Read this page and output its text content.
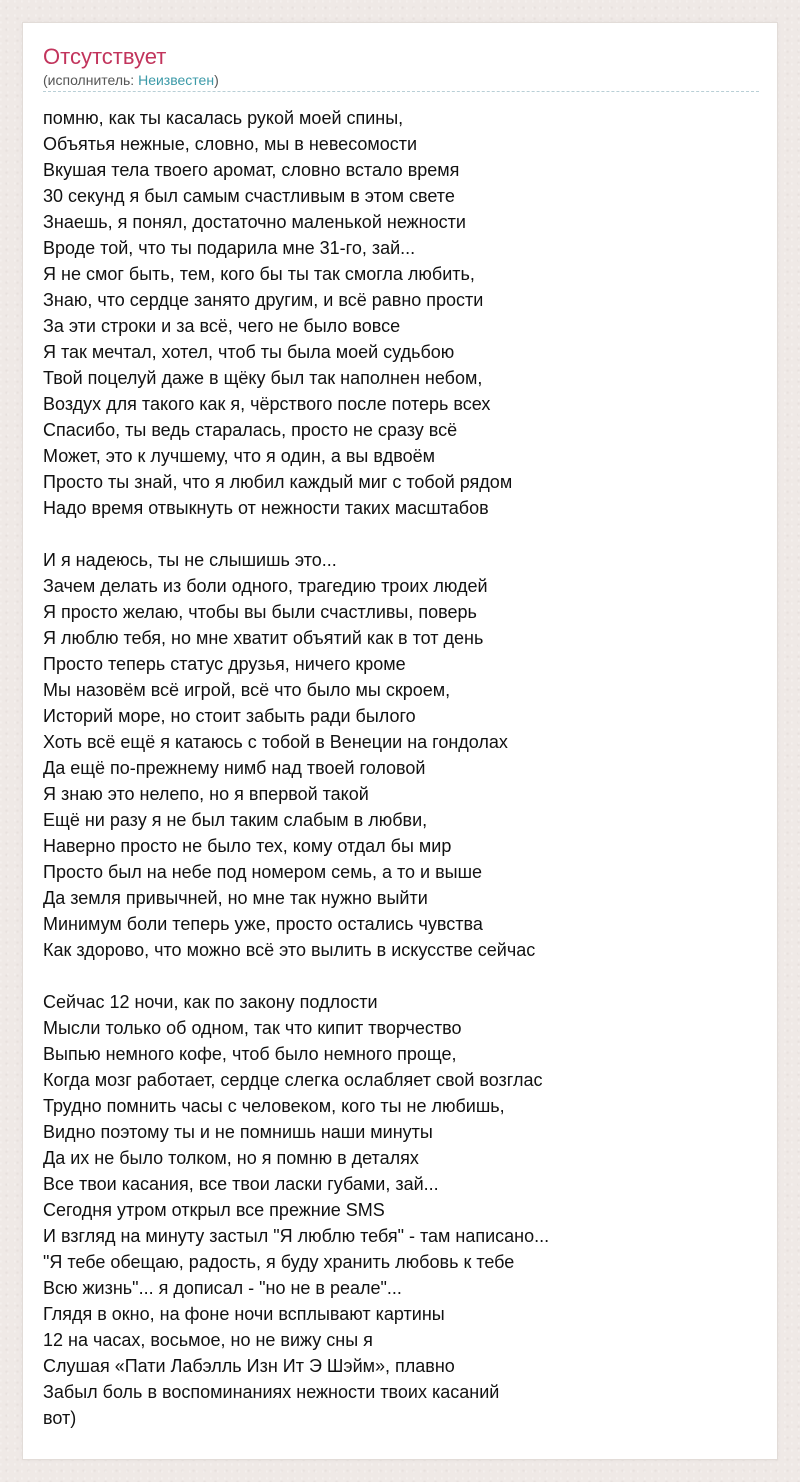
Отсутствует
(исполнитель: Неизвестен)
помню, как ты касалась рукой моей спины,
Объятья нежные, словно, мы в невесомости
Вкушая тела твоего аромат, словно встало время
30 секунд я был самым счастливым в этом свете
Знаешь, я понял, достаточно маленькой нежности
Вроде той, что ты подарила мне 31-го, зай...
Я не смог быть, тем, кого бы ты так смогла любить,
Знаю, что сердце занято другим, и всё равно прости
За эти строки и за всё, чего не было вовсе
Я так мечтал, хотел, чтоб ты была моей судьбою
Твой поцелуй даже в щёку был так наполнен небом,
Воздух для такого как я, чёрствого после потерь всех
Спасибо, ты ведь старалась, просто не сразу всё
Может, это к лучшему, что я один, а вы вдвоём
Просто ты знай, что я любил каждый миг с тобой рядом
Надо время отвыкнуть от нежности таких масштабов
И я надеюсь, ты не слышишь это...
Зачем делать из боли одного, трагедию троих людей
Я просто желаю, чтобы вы были счастливы, поверь
Я люблю тебя, но мне хватит объятий как в тот день
Просто теперь статус друзья, ничего кроме
Мы назовём всё игрой, всё что было мы скроем,
Историй море, но стоит забыть ради былого
Хоть всё ещё я катаюсь с тобой в Венеции на гондолах
Да ещё по-прежнему нимб над твоей головой
Я знаю это нелепо, но я впервой такой
Ещё ни разу я не был таким слабым в любви,
Наверно просто не было тех, кому отдал бы мир
Просто был на небе под номером семь, а то и выше
Да земля привычней, но мне так нужно выйти
Минимум боли теперь уже, просто остались чувства
Как здорово, что можно всё это вылить в искусстве сейчас
Сейчас 12 ночи, как по закону подлости
Мысли только об одном, так что кипит творчество
Выпью немного кофе, чтоб было немного проще,
Когда мозг работает, сердце слегка ослабляет свой возглас
Трудно помнить часы с человеком, кого ты не любишь,
Видно поэтому ты и не помнишь наши минуты
Да их не было толком, но я помню в деталях
Все твои касания, все твои ласки губами, зай...
Сегодня утром открыл все прежние SMS
И взгляд на минуту застыл "Я люблю тебя" - там написано...
"Я тебе обещаю, радость, я буду хранить любовь к тебе
Всю жизнь"... я дописал - "но не в реале"...
Глядя в окно, на фоне ночи всплывают картины
12 на часах, восьмое, но не вижу сны я
Слушая «Пати Лабэлль Изн Ит Э Шэйм», плавно
Забыл боль в воспоминаниях нежности твоих касаний
вот)
